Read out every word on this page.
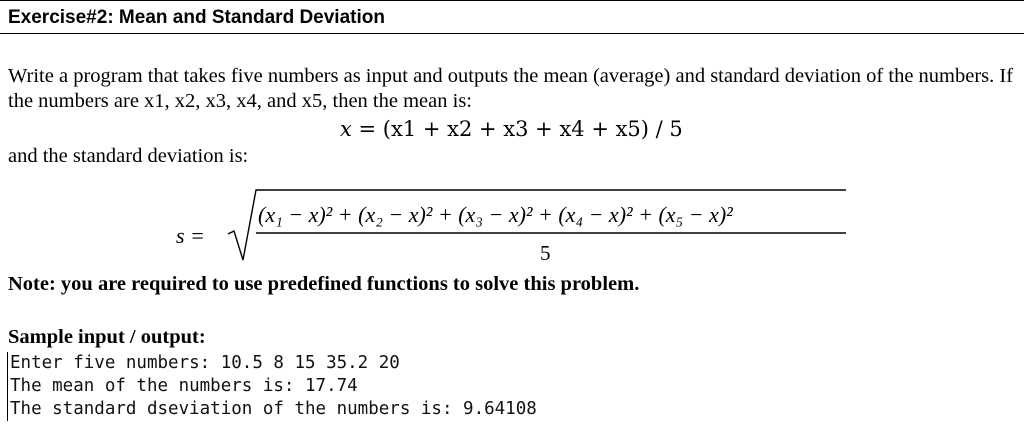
Exercise#2: Mean and Standard Deviation
Write a program that takes five numbers as input and outputs the mean (average) and standard deviation of the numbers. If the numbers are x1, x2, x3, x4, and x5, then the mean is:
x = (x1 + x2 + x3 + x4 + x5) / 5
and the standard deviation is:
s =
(x₁ − x)² + (x₂ − x)² + (x₃ − x)² + (x₄ − x)² + (x₅ − x)²
5
Note: you are required to use predefined functions to solve this problem.
Sample input / output:
Enter five numbers: 10.5 8 15 35.2 20
The mean of the numbers is: 17.74
The standard dseviation of the numbers is: 9.64108
